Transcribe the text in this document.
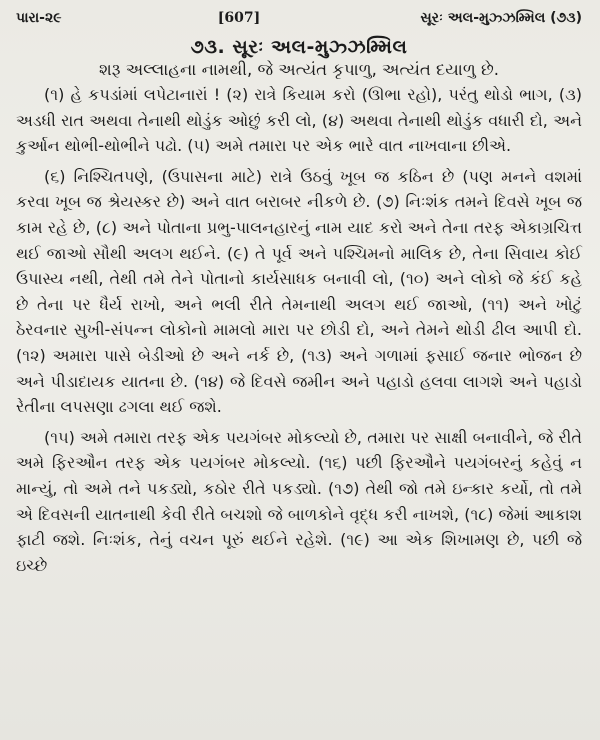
પારા-૨૯	[607]	સૂરઃ અલ-મુઝ્ઝમ્મિલ (૭૩)
૭૩. સૂરઃ અલ-મુઝ્ઝમ્મિલ
શરૂ અલ્લાહના નામથી, જે અત્યંત કૃપાળુ, અત્યંત દયાળુ છે.

(૧) હે કપડાંમાં લપેટાનારાં ! (૨) રાત્રે કિયામ કરો (ઊભા રહો), પરંતુ થોડો ભાગ, (૩) અડધી રાત અથવા તેનાથી થોડુંક ઓછું કરી લો, (૪) અથવા તેનાથી થોડુંક વધારી દો, અને કુર્આન થોભી-થોભીને પઢો. (૫) અમે તમારા પર એક ભારે વાત નાખવાના છીએ.

(૬) નિશ્ચિતપણે, (ઉપાસના માટે) રાત્રે ઉઠવું ખૂબ જ કઠિન છે (પણ મનને વશમાં કરવા ખૂબ જ શ્રેયસ્કર છે) અને વાત બરાબર નીકળે છે. (૭) નિઃશંક તમને દિવસે ખૂબ જ કામ રહે છે, (૮) અને પોતાના પ્રભુ-પાલનહારનું નામ યાદ કરો અને તેના તરફ એકાગ્રચિત્ત થઈ જાઓ સૌથી અલગ થઈને. (૯) તે પૂર્વ અને પશ્ચિમનો માલિક છે, તેના સિવાય કોઈ ઉપાસ્ય નથી, તેથી તમે તેને પોતાનો કાર્યસાધક બનાવી લો, (૧૦) અને લોકો જે કંઈ કહે છે તેના પર ધૈર્ય રાખો, અને ભલી રીતે તેમનાથી અલગ થઈ જાઓ, (૧૧) અને ખોટું ઠેરવનાર સુખી-સંપન્ન લોકોનો મામલો મારા પર છોડી દો, અને તેમને થોડી ઢીલ આપી દો. (૧૨) અમારા પાસે બેડીઓ છે અને નર્ક છે, (૧૩) અને ગળામાં ફસાઈ જનાર ભોજન છે અને પીડાદાયક યાતના છે. (૧૪) જે દિવસે જમીન અને પહાડો હલવા લાગશે અને પહાડો રેતીના લપસણા ઢગલા થઈ જશે.

(૧૫) અમે તમારા તરફ એક પયગંબર મોકલ્યો છે, તમારા પર સાક્ષી બનાવીને, જે રીતે અમે ફિરઔન તરફ એક પયગંબર મોકલ્યો. (૧૬) પછી ફિરઔને પયગંબરનું કહેવું ન માન્યું, તો અમે તને પકડ્યો, કઠોર રીતે પકડ્યો. (૧૭) તેથી જો તમે ઇન્કાર કર્યો, તો તમે એ દિવસની યાતનાથી કેવી રીતે બચશો જે બાળકોને વૃદ્ધ કરી નાખશે, (૧૮) જેમાં આકાશ ફાટી જશે. નિઃશંક, તેનું વચન પૂરું થઈને રહેશે. (૧૯) આ એક શિખામણ છે, પછી જે ઇચ્છે
